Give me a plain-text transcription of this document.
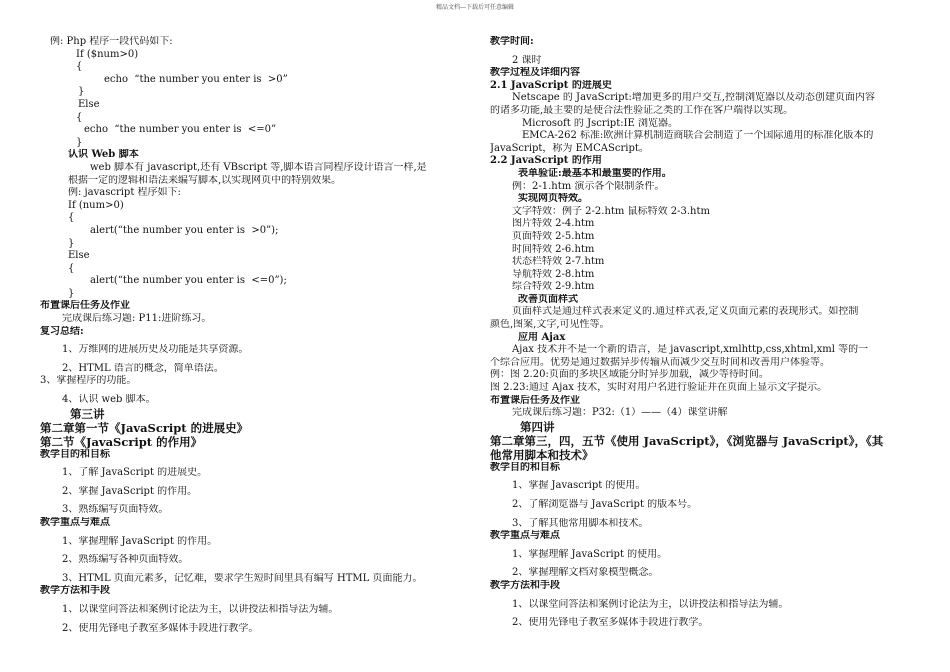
精品文档---下载后可任意编辑
例: Php 程序一段代码如下:
If ($num>0)
{
echo  “the number you enter is  >0”
}
Else
{
echo  “the number you enter is  <=0”
}
认识 Web 脚本
web 脚本有 javascript,还有 VBscript 等,脚本语言同程序设计语言一样,是
根据一定的逻辑和语法来编写脚本,以实现网页中的特别效果。
例: javascript 程序如下:
If (num>0)
{
alert(“the number you enter is  >0”);
}
Else
{
alert(“the number you enter is  <=0”);
}
布置课后任务及作业
完成课后练习题: P11:进阶练习。
复习总结:
1、万维网的进展历史及功能是共享资源。
2、HTML 语言的概念，简单语法。
3、掌握程序的功能。
4、认识 web 脚本。
第三讲
第二章第一节《JavaScript 的进展史》
第二节《JavaScript 的作用》
教学目的和目标
1、了解 JavaScript 的进展史。
2、掌握 JavaScript 的作用。
3、熟练编写页面特效。
教学重点与难点
1、掌握理解 JavaScript 的作用。
2、熟练编写各种页面特效。
3、HTML 页面元素多，记忆难，要求学生短时间里具有编写 HTML 页面能力。
教学方法和手段
1、以课堂问答法和案例讨论法为主，以讲授法和指导法为辅。
2、使用先锋电子教室多媒体手段进行教学。
教学时间:
2 课时
教学过程及详细内容
2.1 JavaScript 的进展史
Netscape 的 JavaScript:增加更多的用户交互,控制浏览器以及动态创建页面内容
的诸多功能,最主要的是使合法性验证之类的工作在客户端得以实现。
Microsoft 的 Jscript:IE 浏览器。
EMCA-262 标准:欧洲计算机制造商联合会制造了一个国际通用的标准化版本的
JavaScript，称为 EMCAScript。
2.2 JavaScript 的作用
表单验证:最基本和最重要的作用。
例：2-1.htm 演示各个限制条件。
实现网页特效。
文字特效：例子 2-2.htm 鼠标特效 2-3.htm
图片特效 2-4.htm
页面特效 2-5.htm
时间特效 2-6.htm
状态栏特效 2-7.htm
导航特效 2-8.htm
综合特效 2-9.htm
改善页面样式
页面样式是通过样式表来定义的.通过样式表,定义页面元素的表现形式。如控制
颜色,图案,文字,可见性等。
应用 Ajax
Ajax 技术并不是一个新的语言，是 javascript,xmlhttp,css,xhtml,xml 等的一
个综合应用。优势是通过数据异步传输从而减少交互时间和改善用户体验等。
例：图 2.20:页面的多块区域能分时异步加载，减少等待时间。
图 2.23:通过 Ajax 技术，实时对用户名进行验证并在页面上显示文字提示。
布置课后任务及作业
完成课后练习题：P32:（1）——（4）课堂讲解
第四讲
第二章第三，四，五节《使用 JavaScript》，《浏览器与 JavaScript》，《其
他常用脚本和技术》
教学目的和目标
1、掌握 Javascript 的使用。
2、了解浏览器与 JavaScript 的版本号。
3、了解其他常用脚本和技术。
教学重点与难点
1、掌握理解 JavaScript 的使用。
2、掌握理解文档对象模型概念。
教学方法和手段
1、以课堂问答法和案例讨论法为主，以讲授法和指导法为辅。
2、使用先锋电子教室多媒体手段进行教学。
